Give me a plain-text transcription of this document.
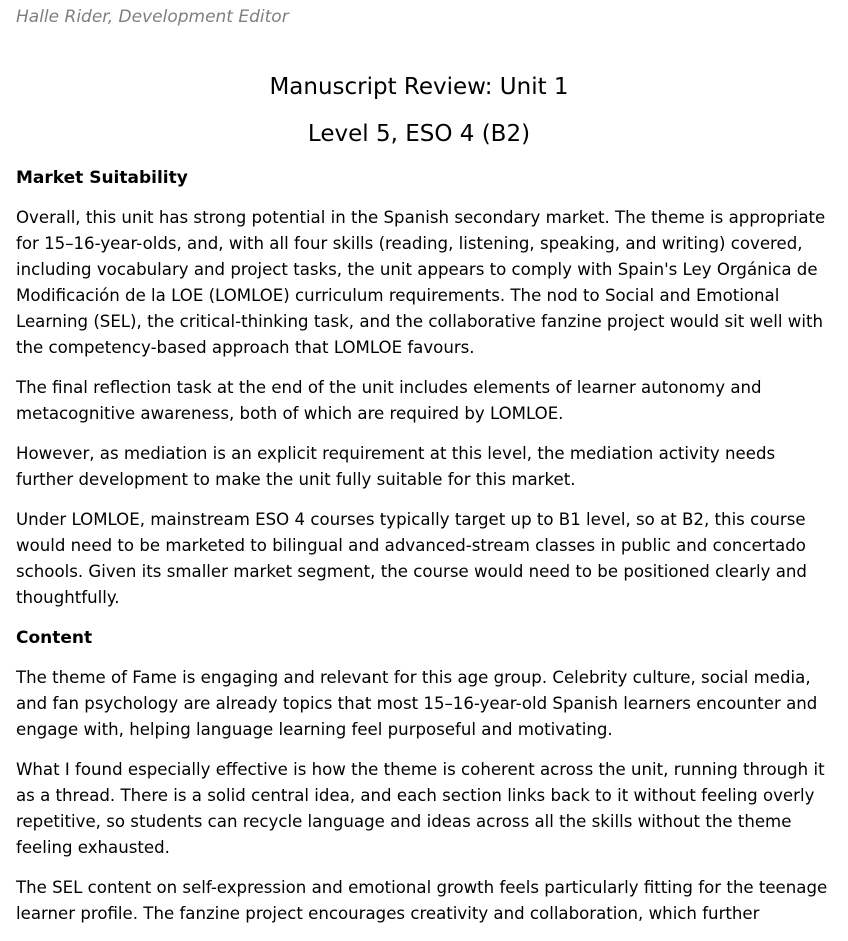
Halle Rider, Development Editor
Manuscript Review: Unit 1
Level 5, ESO 4 (B2)
Market Suitability

Overall, this unit has strong potential in the Spanish secondary market. The theme is appropriate for 15–16-year-olds, and, with all four skills (reading, listening, speaking, and writing) covered, including vocabulary and project tasks, the unit appears to comply with Spain's Ley Orgánica de Modificación de la LOE (LOMLOE) curriculum requirements. The nod to Social and Emotional Learning (SEL), the critical-thinking task, and the collaborative fanzine project would sit well with the competency-based approach that LOMLOE favours.

The final reflection task at the end of the unit includes elements of learner autonomy and metacognitive awareness, both of which are required by LOMLOE.

However, as mediation is an explicit requirement at this level, the mediation activity needs further development to make the unit fully suitable for this market.

Under LOMLOE, mainstream ESO 4 courses typically target up to B1 level, so at B2, this course would need to be marketed to bilingual and advanced-stream classes in public and concertado schools. Given its smaller market segment, the course would need to be positioned clearly and thoughtfully.

Content

The theme of Fame is engaging and relevant for this age group. Celebrity culture, social media, and fan psychology are already topics that most 15–16-year-old Spanish learners encounter and engage with, helping language learning feel purposeful and motivating.

What I found especially effective is how the theme is coherent across the unit, running through it as a thread. There is a solid central idea, and each section links back to it without feeling overly repetitive, so students can recycle language and ideas across all the skills without the theme feeling exhausted.

The SEL content on self-expression and emotional growth feels particularly fitting for the teenage learner profile. The fanzine project encourages creativity and collaboration, which further
